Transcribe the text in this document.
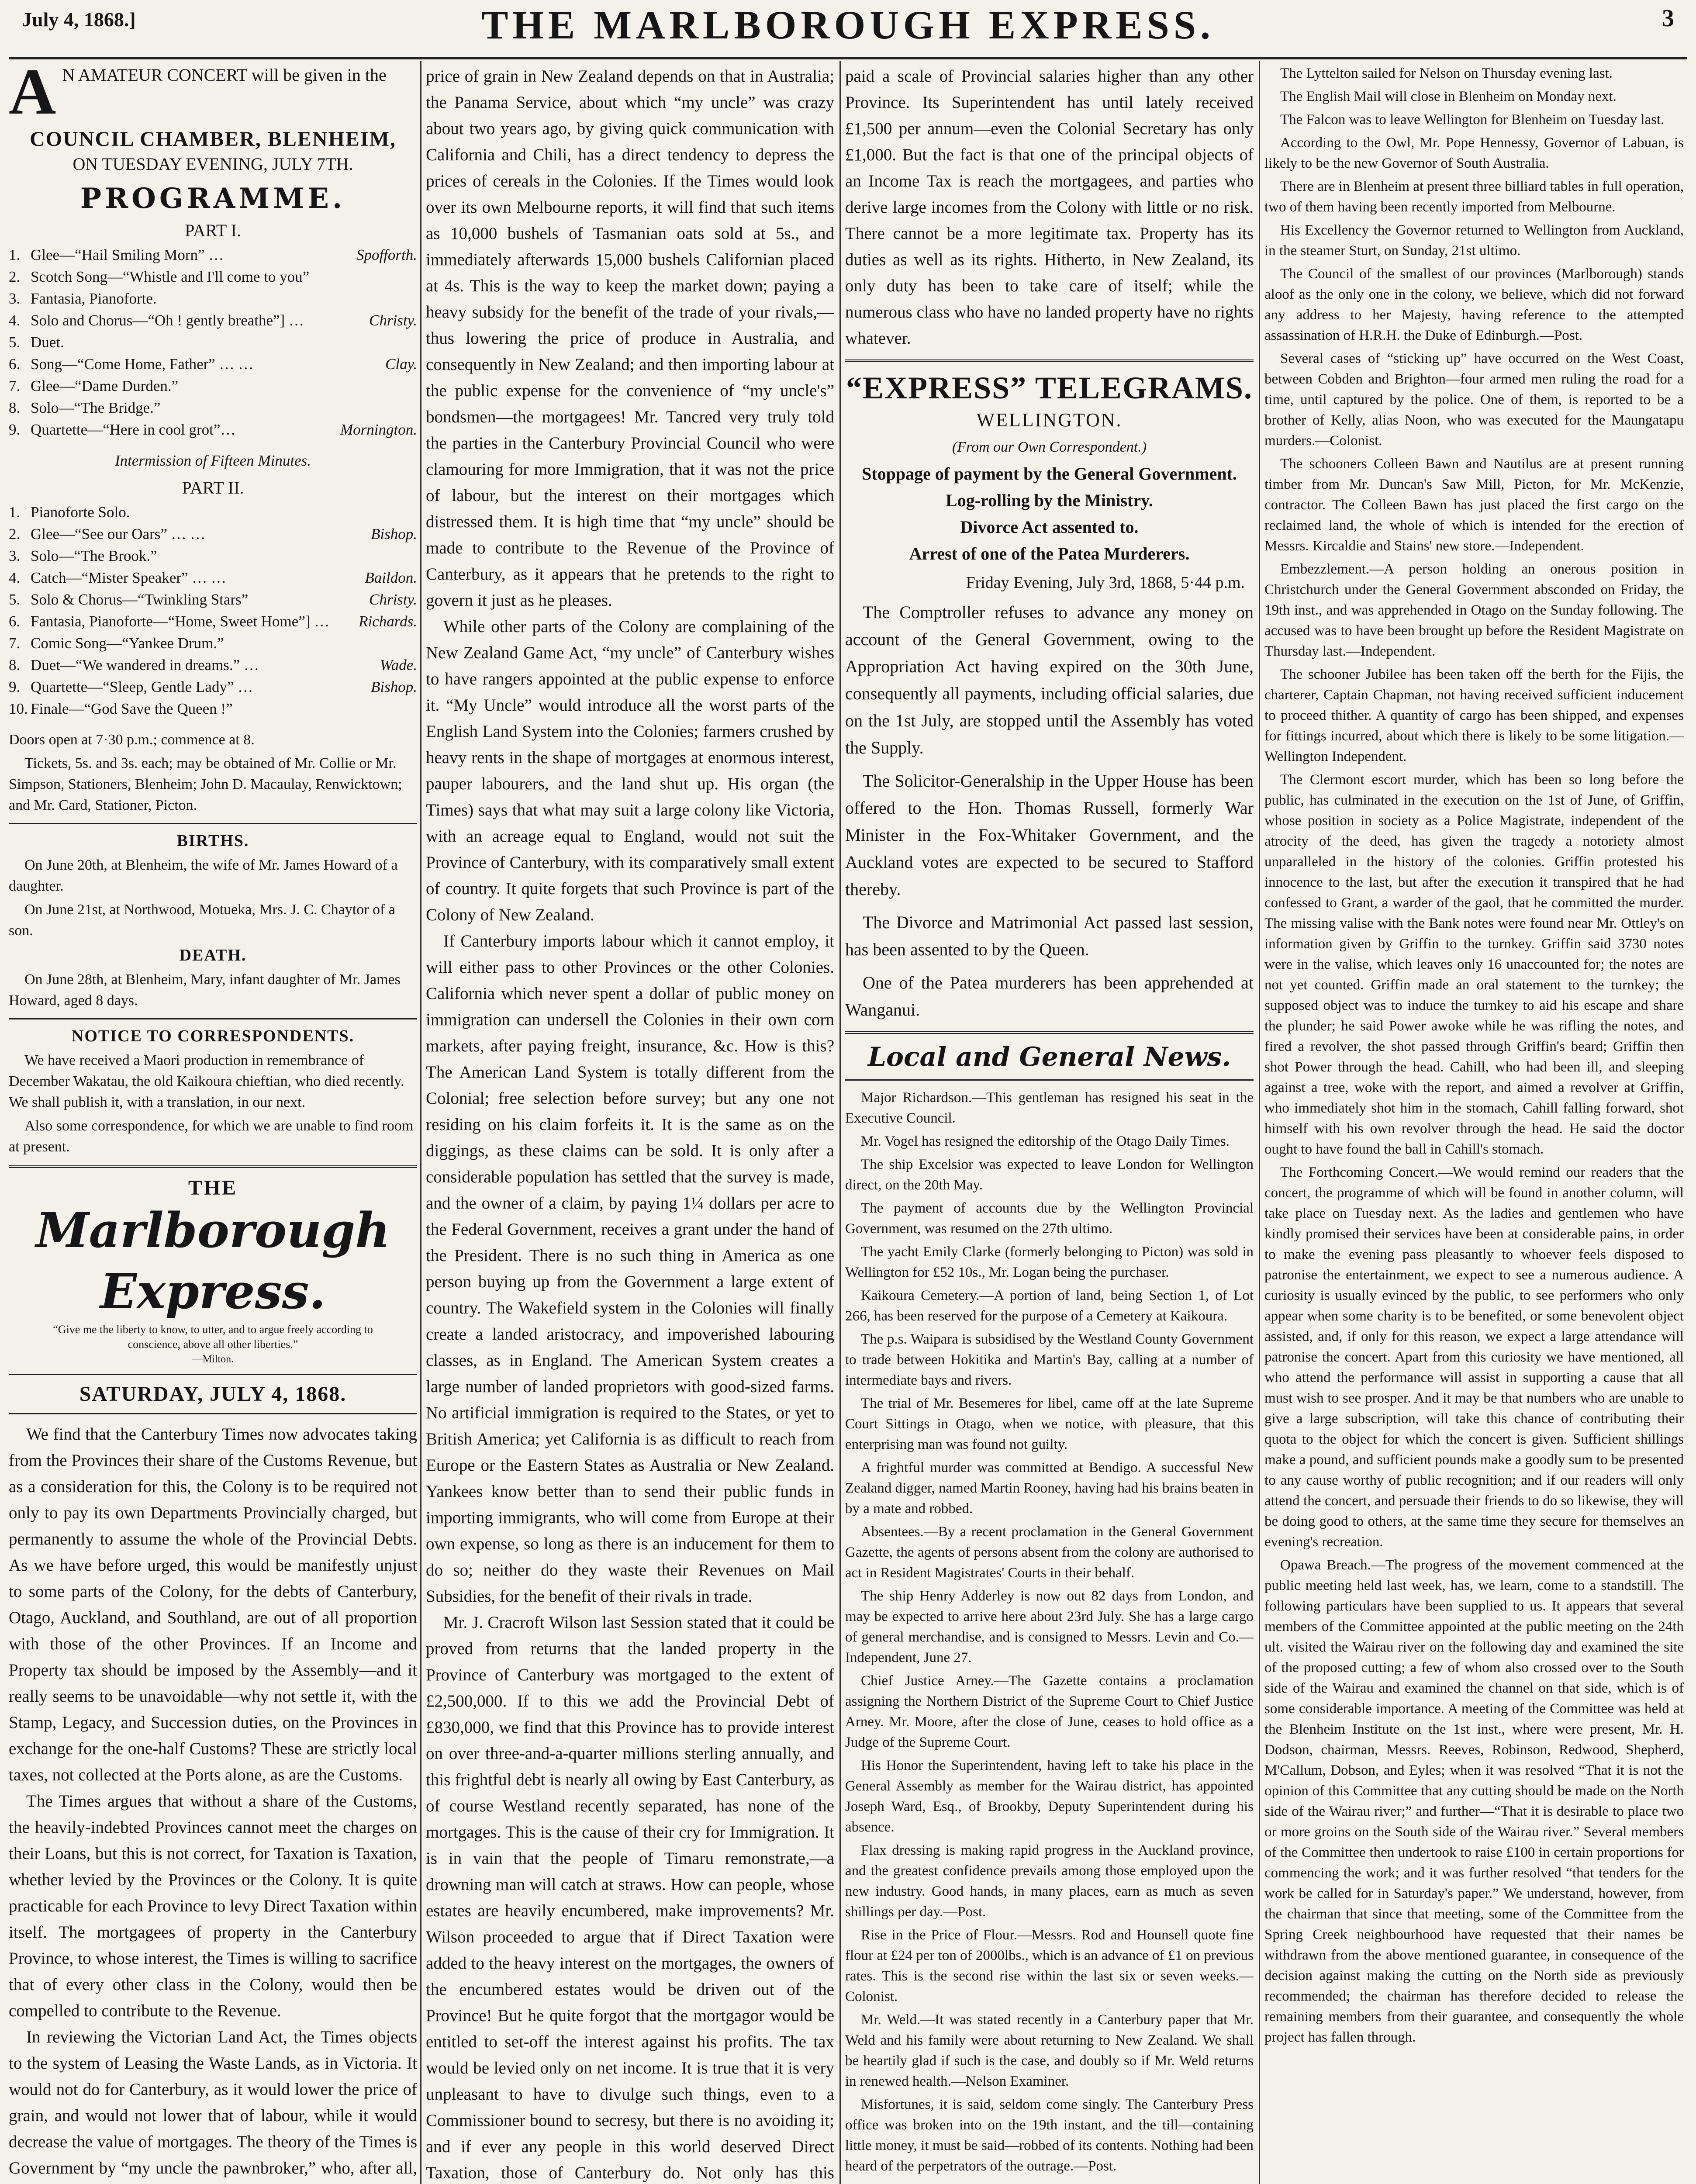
July 4, 1868.]	THE MARLBOROUGH EXPRESS.	3
A N AMATEUR CONCERT will be given in the
COUNCIL CHAMBER, BLENHEIM,
ON TUESDAY EVENING, JULY 7TH.
PROGRAMME.
PART I.
1. Glee—“Hail Smiling Morn” …	Spofforth.
2. Scotch Song—“Whistle and I'll come to you”
3. Fantasia, Pianoforte.
4. Solo and Chorus—“Oh ! gently breathe”] …	Christy.
5. Duet.
6. Song—“Come Home, Father” … …	Clay.
7. Glee—“Dame Durden.”
8. Solo—“The Bridge.”
9. Quartette—“Here in cool grot”…	Mornington.
Intermission of Fifteen Minutes.
PART II.
1. Pianoforte Solo.
2. Glee—“See our Oars” … …	Bishop.
3. Solo—“The Brook.”
4. Catch—“Mister Speaker” … …	Baildon.
5. Solo & Chorus—“Twinkling Stars”	Christy.
6. Fantasia, Pianoforte—“Home, Sweet Home”] …	Richards.
7. Comic Song—“Yankee Drum.”
8. Duet—“We wandered in dreams.” …	Wade.
9. Quartette—“Sleep, Gentle Lady” …	Bishop.
10. Finale—“God Save the Queen !”

Doors open at 7·30 p.m.; commence at 8.

Tickets, 5s. and 3s. each; may be obtained of Mr. Collie or Mr. Simpson, Stationers, Blenheim; John D. Macaulay, Renwicktown; and Mr. Card, Stationer, Picton.

BIRTHS.

On June 20th, at Blenheim, the wife of Mr. James Howard of a daughter.

On June 21st, at Northwood, Motueka, Mrs. J. C. Chaytor of a son.

DEATH.

On June 28th, at Blenheim, Mary, infant daughter of Mr. James Howard, aged 8 days.

NOTICE TO CORRESPONDENTS.

We have received a Maori production in remembrance of December Wakatau, the old Kaikoura chieftian, who died recently. We shall publish it, with a translation, in our next.

Also some correspondence, for which we are unable to find room at present.

THE
Marlborough Express.
“Give me the liberty to know, to utter, and to argue freely according to conscience, above all other liberties.”
—Milton.
SATURDAY, JULY 4, 1868.

We find that the Canterbury Times now advocates taking from the Provinces their share of the Customs Revenue, but as a consideration for this, the Colony is to be required not only to pay its own Departments Provincially charged, but permanently to assume the whole of the Provincial Debts. As we have before urged, this would be manifestly unjust to some parts of the Colony, for the debts of Canterbury, Otago, Auckland, and Southland, are out of all proportion with those of the other Provinces. If an Income and Property tax should be imposed by the Assembly—and it really seems to be unavoidable—why not settle it, with the Stamp, Legacy, and Succession duties, on the Provinces in exchange for the one-half Customs? These are strictly local taxes, not collected at the Ports alone, as are the Customs.

The Times argues that without a share of the Customs, the heavily-indebted Provinces cannot meet the charges on their Loans, but this is not correct, for Taxation is Taxation, whether levied by the Provinces or the Colony. It is quite practicable for each Province to levy Direct Taxation within itself. The mortgagees of property in the Canterbury Province, to whose interest, the Times is willing to sacrifice that of every other class in the Colony, would then be compelled to contribute to the Revenue.

In reviewing the Victorian Land Act, the Times objects to the system of Leasing the Waste Lands, as in Victoria. It would not do for Canterbury, as it would lower the price of grain, and would not lower that of labour, while it would decrease the value of mortgages. The theory of the Times is Government by “my uncle the pawnbroker,” who, after all,

price of grain in New Zealand depends on that in Australia; the Panama Service, about which “my uncle” was crazy about two years ago, by giving quick communication with California and Chili, has a direct tendency to depress the prices of cereals in the Colonies. If the Times would look over its own Melbourne reports, it will find that such items as 10,000 bushels of Tasmanian oats sold at 5s., and immediately afterwards 15,000 bushels Californian placed at 4s. This is the way to keep the market down; paying a heavy subsidy for the benefit of the trade of your rivals,—thus lowering the price of produce in Australia, and consequently in New Zealand; and then importing labour at the public expense for the convenience of “my uncle's” bondsmen—the mortgagees! Mr. Tancred very truly told the parties in the Canterbury Provincial Council who were clamouring for more Immigration, that it was not the price of labour, but the interest on their mortgages which distressed them. It is high time that “my uncle” should be made to contribute to the Revenue of the Province of Canterbury, as it appears that he pretends to the right to govern it just as he pleases.

While other parts of the Colony are complaining of the New Zealand Game Act, “my uncle” of Canterbury wishes to have rangers appointed at the public expense to enforce it. “My Uncle” would introduce all the worst parts of the English Land System into the Colonies; farmers crushed by heavy rents in the shape of mortgages at enormous interest, pauper labourers, and the land shut up. His organ (the Times) says that what may suit a large colony like Victoria, with an acreage equal to England, would not suit the Province of Canterbury, with its comparatively small extent of country. It quite forgets that such Province is part of the Colony of New Zealand.

If Canterbury imports labour which it cannot employ, it will either pass to other Provinces or the other Colonies. California which never spent a dollar of public money on immigration can undersell the Colonies in their own corn markets, after paying freight, insurance, &c. How is this? The American Land System is totally different from the Colonial; free selection before survey; but any one not residing on his claim forfeits it. It is the same as on the diggings, as these claims can be sold. It is only after a considerable population has settled that the survey is made, and the owner of a claim, by paying 1¼ dollars per acre to the Federal Government, receives a grant under the hand of the President. There is no such thing in America as one person buying up from the Government a large extent of country. The Wakefield system in the Colonies will finally create a landed aristocracy, and impoverished labouring classes, as in England. The American System creates a large number of landed proprietors with good-sized farms. No artificial immigration is required to the States, or yet to British America; yet California is as difficult to reach from Europe or the Eastern States as Australia or New Zealand. Yankees know better than to send their public funds in importing immigrants, who will come from Europe at their own expense, so long as there is an inducement for them to do so; neither do they waste their Revenues on Mail Subsidies, for the benefit of their rivals in trade.

Mr. J. Cracroft Wilson last Session stated that it could be proved from returns that the landed property in the Province of Canterbury was mortgaged to the extent of £2,500,000. If to this we add the Provincial Debt of £830,000, we find that this Province has to provide interest on over three-and-a-quarter millions sterling annually, and this frightful debt is nearly all owing by East Canterbury, as of course Westland recently separated, has none of the mortgages. This is the cause of their cry for Immigration. It is in vain that the people of Timaru remonstrate,—a drowning man will catch at straws. How can people, whose estates are heavily encumbered, make improvements? Mr. Wilson proceeded to argue that if Direct Taxation were added to the heavy interest on the mortgages, the owners of the encumbered estates would be driven out of the Province! But he quite forgot that the mortgagor would be entitled to set-off the interest against his profits. The tax would be levied only on net income. It is true that it is very unpleasant to have to divulge such things, even to a Commissioner bound to secresy, but there is no avoiding it; and if ever any people in this world deserved Direct Taxation, those of Canterbury do. Not only has this

paid a scale of Provincial salaries higher than any other Province. Its Superintendent has until lately received £1,500 per annum—even the Colonial Secretary has only £1,000. But the fact is that one of the principal objects of an Income Tax is reach the mortgagees, and parties who derive large incomes from the Colony with little or no risk. There cannot be a more legitimate tax. Property has its duties as well as its rights. Hitherto, in New Zealand, its only duty has been to take care of itself; while the numerous class who have no landed property have no rights whatever.

“EXPRESS” TELEGRAMS.
WELLINGTON.
(From our Own Correspondent.)
Stoppage of payment by the General Government.
Log-rolling by the Ministry.
Divorce Act assented to.
Arrest of one of the Patea Murderers.
Friday Evening, July 3rd, 1868, 5·44 p.m.

The Comptroller refuses to advance any money on account of the General Government, owing to the Appropriation Act having expired on the 30th June, consequently all payments, including official salaries, due on the 1st July, are stopped until the Assembly has voted the Supply.

The Solicitor-Generalship in the Upper House has been offered to the Hon. Thomas Russell, formerly War Minister in the Fox-Whitaker Government, and the Auckland votes are expected to be secured to Stafford thereby.

The Divorce and Matrimonial Act passed last session, has been assented to by the Queen.

One of the Patea murderers has been apprehended at Wanganui.

Local and General News.

Major Richardson.—This gentleman has resigned his seat in the Executive Council.

Mr. Vogel has resigned the editorship of the Otago Daily Times.

The ship Excelsior was expected to leave London for Wellington direct, on the 20th May.

The payment of accounts due by the Wellington Provincial Government, was resumed on the 27th ultimo.

The yacht Emily Clarke (formerly belonging to Picton) was sold in Wellington for £52 10s., Mr. Logan being the purchaser.

Kaikoura Cemetery.—A portion of land, being Section 1, of Lot 266, has been reserved for the purpose of a Cemetery at Kaikoura.

The p.s. Waipara is subsidised by the Westland County Government to trade between Hokitika and Martin's Bay, calling at a number of intermediate bays and rivers.

The trial of Mr. Besemeres for libel, came off at the late Supreme Court Sittings in Otago, when we notice, with pleasure, that this enterprising man was found not guilty.

A frightful murder was committed at Bendigo. A successful New Zealand digger, named Martin Rooney, having had his brains beaten in by a mate and robbed.

Absentees.—By a recent proclamation in the General Government Gazette, the agents of persons absent from the colony are authorised to act in Resident Magistrates' Courts in their behalf.

The ship Henry Adderley is now out 82 days from London, and may be expected to arrive here about 23rd July. She has a large cargo of general merchandise, and is consigned to Messrs. Levin and Co.—Independent, June 27.

Chief Justice Arney.—The Gazette contains a proclamation assigning the Northern District of the Supreme Court to Chief Justice Arney. Mr. Moore, after the close of June, ceases to hold office as a Judge of the Supreme Court.

His Honor the Superintendent, having left to take his place in the General Assembly as member for the Wairau district, has appointed Joseph Ward, Esq., of Brookby, Deputy Superintendent during his absence.

Flax dressing is making rapid progress in the Auckland province, and the greatest confidence prevails among those employed upon the new industry. Good hands, in many places, earn as much as seven shillings per day.—Post.

Rise in the Price of Flour.—Messrs. Rod and Hounsell quote fine flour at £24 per ton of 2000lbs., which is an advance of £1 on previous rates. This is the second rise within the last six or seven weeks.—Colonist.

Mr. Weld.—It was stated recently in a Canterbury paper that Mr. Weld and his family were about returning to New Zealand. We shall be heartily glad if such is the case, and doubly so if Mr. Weld returns in renewed health.—Nelson Examiner.

Misfortunes, it is said, seldom come singly. The Canterbury Press office was broken into on the 19th instant, and the till—containing little money, it must be said—robbed of its contents. Nothing had been heard of the perpetrators of the outrage.—Post.

The Lyttelton sailed for Nelson on Thursday evening last.

The English Mail will close in Blenheim on Monday next.

The Falcon was to leave Wellington for Blenheim on Tuesday last.

According to the Owl, Mr. Pope Hennessy, Governor of Labuan, is likely to be the new Governor of South Australia.

There are in Blenheim at present three billiard tables in full operation, two of them having been recently imported from Melbourne.

His Excellency the Governor returned to Wellington from Auckland, in the steamer Sturt, on Sunday, 21st ultimo.

The Council of the smallest of our provinces (Marlborough) stands aloof as the only one in the colony, we believe, which did not forward any address to her Majesty, having reference to the attempted assassination of H.R.H. the Duke of Edinburgh.—Post.

Several cases of “sticking up” have occurred on the West Coast, between Cobden and Brighton—four armed men ruling the road for a time, until captured by the police. One of them, is reported to be a brother of Kelly, alias Noon, who was executed for the Maungatapu murders.—Colonist.

The schooners Colleen Bawn and Nautilus are at present running timber from Mr. Duncan's Saw Mill, Picton, for Mr. McKenzie, contractor. The Colleen Bawn has just placed the first cargo on the reclaimed land, the whole of which is intended for the erection of Messrs. Kircaldie and Stains' new store.—Independent.

Embezzlement.—A person holding an onerous position in Christchurch under the General Government absconded on Friday, the 19th inst., and was apprehended in Otago on the Sunday following. The accused was to have been brought up before the Resident Magistrate on Thursday last.—Independent.

The schooner Jubilee has been taken off the berth for the Fijis, the charterer, Captain Chapman, not having received sufficient inducement to proceed thither. A quantity of cargo has been shipped, and expenses for fittings incurred, about which there is likely to be some litigation.—Wellington Independent.

The Clermont escort murder, which has been so long before the public, has culminated in the execution on the 1st of June, of Griffin, whose position in society as a Police Magistrate, independent of the atrocity of the deed, has given the tragedy a notoriety almost unparalleled in the history of the colonies. Griffin protested his innocence to the last, but after the execution it transpired that he had confessed to Grant, a warder of the gaol, that he committed the murder. The missing valise with the Bank notes were found near Mr. Ottley's on information given by Griffin to the turnkey. Griffin said 3730 notes were in the valise, which leaves only 16 unaccounted for; the notes are not yet counted. Griffin made an oral statement to the turnkey; the supposed object was to induce the turnkey to aid his escape and share the plunder; he said Power awoke while he was rifling the notes, and fired a revolver, the shot passed through Griffin's beard; Griffin then shot Power through the head. Cahill, who had been ill, and sleeping against a tree, woke with the report, and aimed a revolver at Griffin, who immediately shot him in the stomach, Cahill falling forward, shot himself with his own revolver through the head. He said the doctor ought to have found the ball in Cahill's stomach.

The Forthcoming Concert.—We would remind our readers that the concert, the programme of which will be found in another column, will take place on Tuesday next. As the ladies and gentlemen who have kindly promised their services have been at considerable pains, in order to make the evening pass pleasantly to whoever feels disposed to patronise the entertainment, we expect to see a numerous audience. A curiosity is usually evinced by the public, to see performers who only appear when some charity is to be benefited, or some benevolent object assisted, and, if only for this reason, we expect a large attendance will patronise the concert. Apart from this curiosity we have mentioned, all who attend the performance will assist in supporting a cause that all must wish to see prosper. And it may be that numbers who are unable to give a large subscription, will take this chance of contributing their quota to the object for which the concert is given. Sufficient shillings make a pound, and sufficient pounds make a goodly sum to be presented to any cause worthy of public recognition; and if our readers will only attend the concert, and persuade their friends to do so likewise, they will be doing good to others, at the same time they secure for themselves an evening's recreation.

Opawa Breach.—The progress of the movement commenced at the public meeting held last week, has, we learn, come to a standstill. The following particulars have been supplied to us. It appears that several members of the Committee appointed at the public meeting on the 24th ult. visited the Wairau river on the following day and examined the site of the proposed cutting; a few of whom also crossed over to the South side of the Wairau and examined the channel on that side, which is of some considerable importance. A meeting of the Committee was held at the Blenheim Institute on the 1st inst., where were present, Mr. H. Dodson, chairman, Messrs. Reeves, Robinson, Redwood, Shepherd, M'Callum, Dobson, and Eyles; when it was resolved “That it is not the opinion of this Committee that any cutting should be made on the North side of the Wairau river;” and further—“That it is desirable to place two or more groins on the South side of the Wairau river.” Several members of the Committee then undertook to raise £100 in certain proportions for commencing the work; and it was further resolved “that tenders for the work be called for in Saturday's paper.” We understand, however, from the chairman that since that meeting, some of the Committee from the Spring Creek neighbourhood have requested that their names be withdrawn from the above mentioned guarantee, in consequence of the decision against making the cutting on the North side as previously recommended; the chairman has therefore decided to release the remaining members from their guarantee, and consequently the whole project has fallen through.
